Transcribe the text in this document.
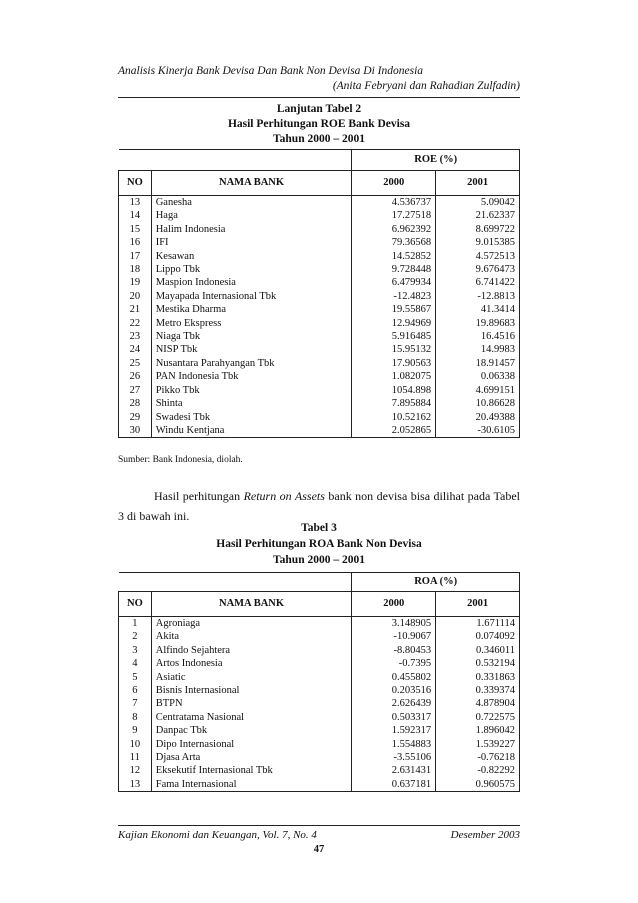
Analisis Kinerja Bank Devisa Dan Bank Non Devisa Di Indonesia
(Anita Febryani dan Rahadian Zulfadin)
Lanjutan Tabel 2
Hasil Perhitungan ROE Bank Devisa
Tahun 2000 – 2001
		ROE (%)	
NO	NAMA BANK	2000	2001
13	Ganesha	4.536737	5.09042
14	Haga	17.27518	21.62337
15	Halim Indonesia	6.962392	8.699722
16	IFI	79.36568	9.015385
17	Kesawan	14.52852	4.572513
18	Lippo Tbk	9.728448	9.676473
19	Maspion Indonesia	6.479934	6.741422
20	Mayapada Internasional Tbk	-12.4823	-12.8813
21	Mestika Dharma	19.55867	41.3414
22	Metro Ekspress	12.94969	19.89683
23	Niaga Tbk	5.916485	16.4516
24	NISP Tbk	15.95132	14.9983
25	Nusantara Parahyangan Tbk	17.90563	18.91457
26	PAN Indonesia Tbk	1.082075	0.06338
27	Pikko Tbk	1054.898	4.699151
28	Shinta	7.895884	10.86628
29	Swadesi Tbk	10.52162	20.49388
30	Windu Kentjana	2.052865	-30.6105
Sumber: Bank Indonesia, diolah.
Hasil perhitungan Return on Assets bank non devisa bisa dilihat pada Tabel 3 di bawah ini.
Tabel 3
Hasil Perhitungan ROA Bank Non Devisa
Tahun 2000 – 2001
		ROA (%)	
NO	NAMA BANK	2000	2001
1	Agroniaga	3.148905	1.671114
2	Akita	-10.9067	0.074092
3	Alfindo Sejahtera	-8.80453	0.346011
4	Artos Indonesia	-0.7395	0.532194
5	Asiatic	0.455802	0.331863
6	Bisnis Internasional	0.203516	0.339374
7	BTPN	2.626439	4.878904
8	Centratama Nasional	0.503317	0.722575
9	Danpac Tbk	1.592317	1.896042
10	Dipo Internasional	1.554883	1.539227
11	Djasa Arta	-3.55106	-0.76218
12	Eksekutif Internasional Tbk	2.631431	-0.82292
13	Fama Internasional	0.637181	0.960575
Kajian Ekonomi dan Keuangan, Vol. 7, No. 4	Desember 2003
47
